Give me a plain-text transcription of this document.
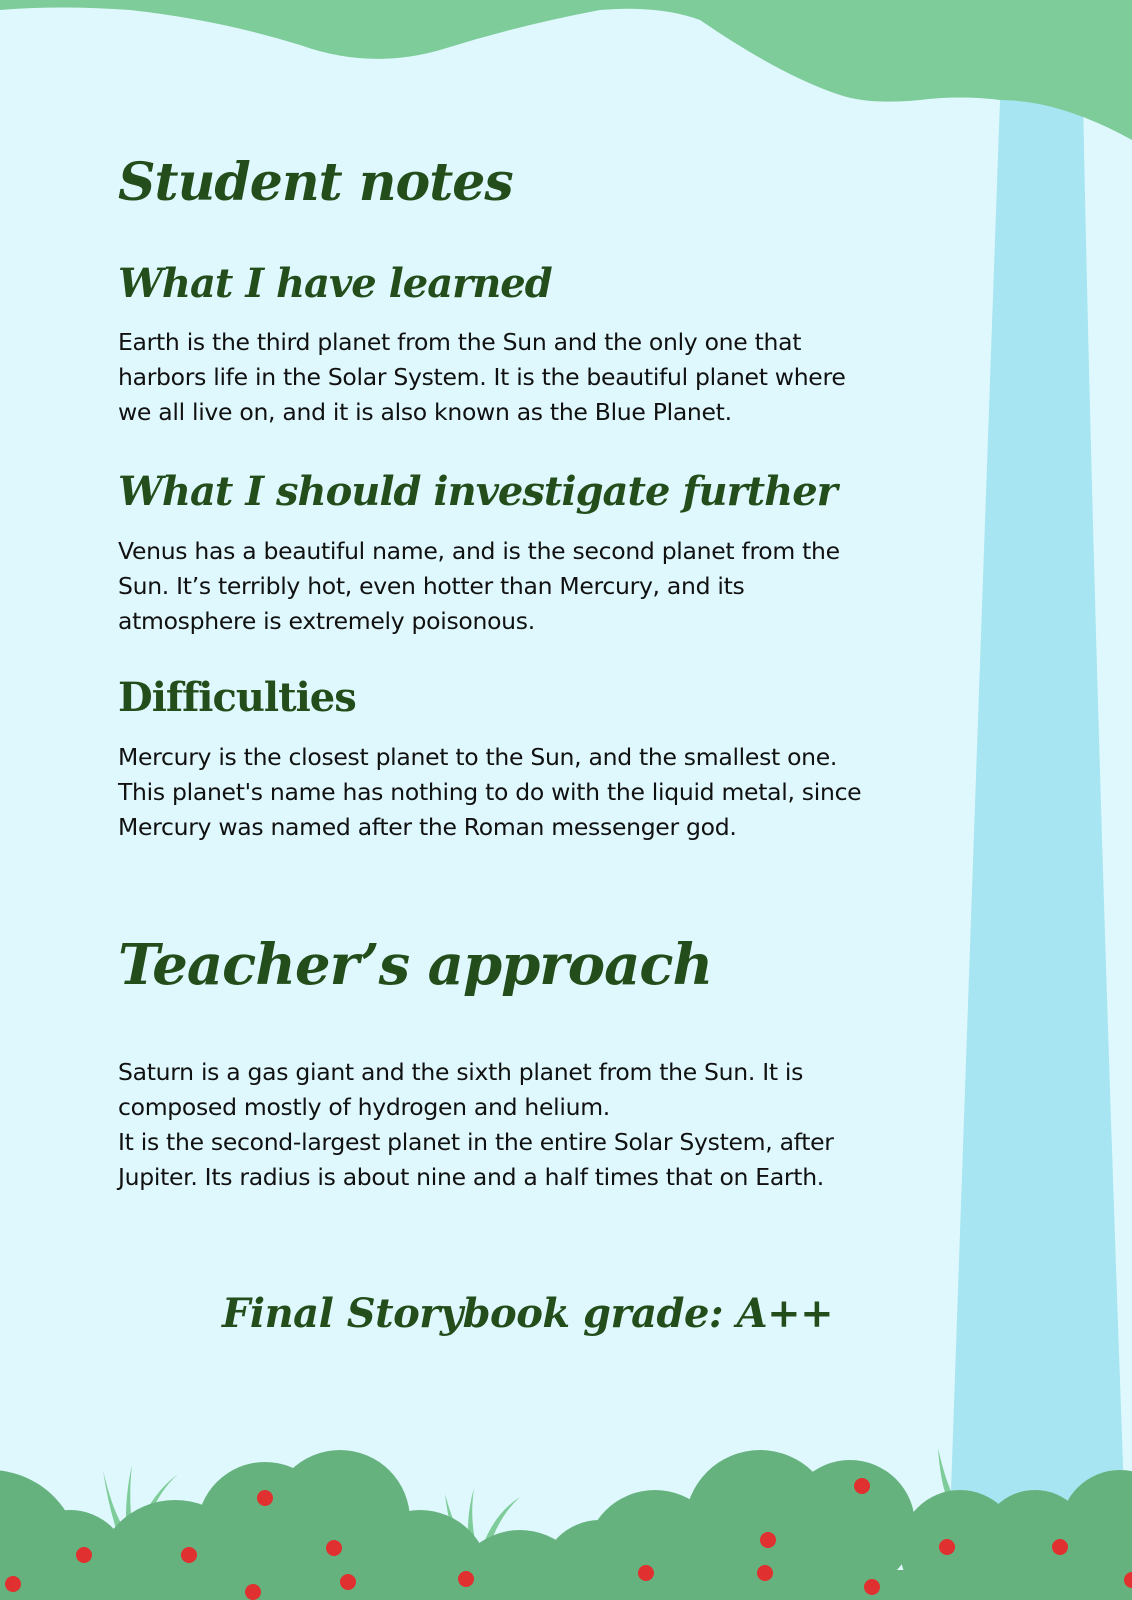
Student notes
What I have learned

Earth is the third planet from the Sun and the only one that
harbors life in the Solar System. It is the beautiful planet where
we all live on, and it is also known as the Blue Planet.

What I should investigate further

Venus has a beautiful name, and is the second planet from the
Sun. It’s terribly hot, even hotter than Mercury, and its
atmosphere is extremely poisonous.

Difficulties

Mercury is the closest planet to the Sun, and the smallest one.
This planet's name has nothing to do with the liquid metal, since
Mercury was named after the Roman messenger god.

Teacher’s approach

Saturn is a gas giant and the sixth planet from the Sun. It is
composed mostly of hydrogen and helium.
It is the second-largest planet in the entire Solar System, after
Jupiter. Its radius is about nine and a half times that on Earth.

Final Storybook grade: A++
